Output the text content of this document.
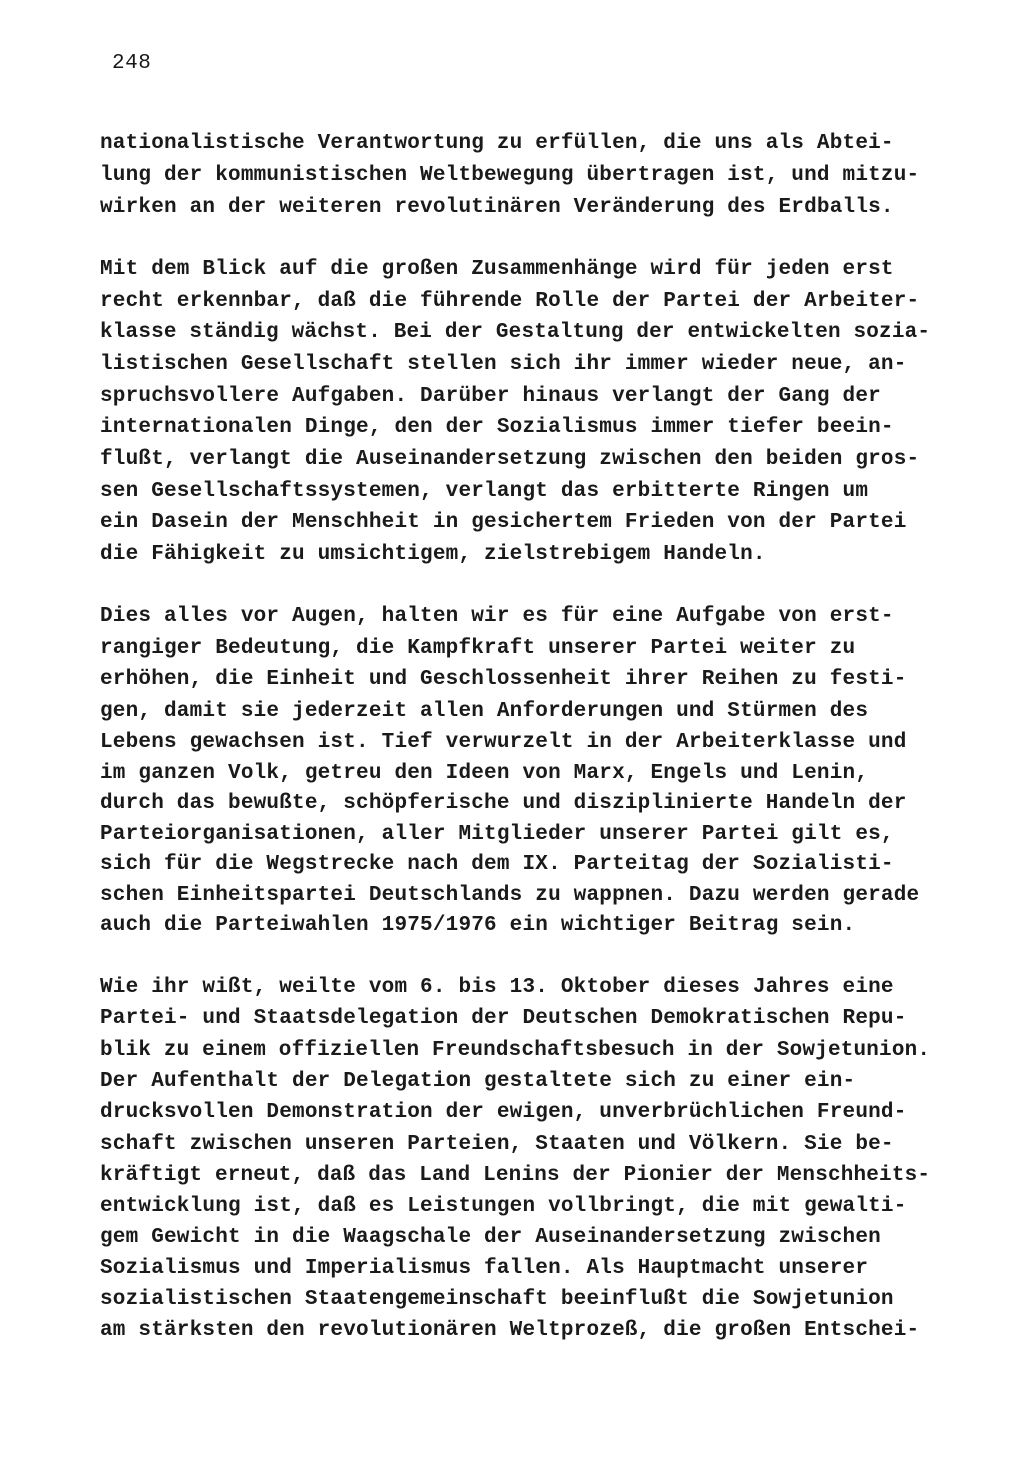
248
nationalistische Verantwortung zu erfüllen, die uns als Abtei-
lung der kommunistischen Weltbewegung übertragen ist, und mitzu-
wirken an der weiteren revolutinären Veränderung des Erdballs.
Mit dem Blick auf die großen Zusammenhänge wird für jeden erst
recht erkennbar, daß die führende Rolle der Partei der Arbeiter-
klasse ständig wächst. Bei der Gestaltung der entwickelten sozia-
listischen Gesellschaft stellen sich ihr immer wieder neue, an-
spruchsvollere Aufgaben. Darüber hinaus verlangt der Gang der
internationalen Dinge, den der Sozialismus immer tiefer beein-
flußt, verlangt die Auseinandersetzung zwischen den beiden gros-
sen Gesellschaftssystemen, verlangt das erbitterte Ringen um
ein Dasein der Menschheit in gesichertem Frieden von der Partei
die Fähigkeit zu umsichtigem, zielstrebigem Handeln.
Dies alles vor Augen, halten wir es für eine Aufgabe von erst-
rangiger Bedeutung, die Kampfkraft unserer Partei weiter zu
erhöhen, die Einheit und Geschlossenheit ihrer Reihen zu festi-
gen, damit sie jederzeit allen Anforderungen und Stürmen des
Lebens gewachsen ist. Tief verwurzelt in der Arbeiterklasse und
im ganzen Volk, getreu den Ideen von Marx, Engels und Lenin,
durch das bewußte, schöpferische und disziplinierte Handeln der
Parteiorganisationen, aller Mitglieder unserer Partei gilt es,
sich für die Wegstrecke nach dem IX. Parteitag der Sozialisti-
schen Einheitspartei Deutschlands zu wappnen. Dazu werden gerade
auch die Parteiwahlen 1975/1976 ein wichtiger Beitrag sein.
Wie ihr wißt, weilte vom 6. bis 13. Oktober dieses Jahres eine
Partei- und Staatsdelegation der Deutschen Demokratischen Repu-
blik zu einem offiziellen Freundschaftsbesuch in der Sowjetunion.
Der Aufenthalt der Delegation gestaltete sich zu einer ein-
drucksvollen Demonstration der ewigen, unverbrüchlichen Freund-
schaft zwischen unseren Parteien, Staaten und Völkern. Sie be-
kräftigt erneut, daß das Land Lenins der Pionier der Menschheits-
entwicklung ist, daß es Leistungen vollbringt, die mit gewalti-
gem Gewicht in die Waagschale der Auseinandersetzung zwischen
Sozialismus und Imperialismus fallen. Als Hauptmacht unserer
sozialistischen Staatengemeinschaft beeinflußt die Sowjetunion
am stärksten den revolutionären Weltprozeß, die großen Entschei-
